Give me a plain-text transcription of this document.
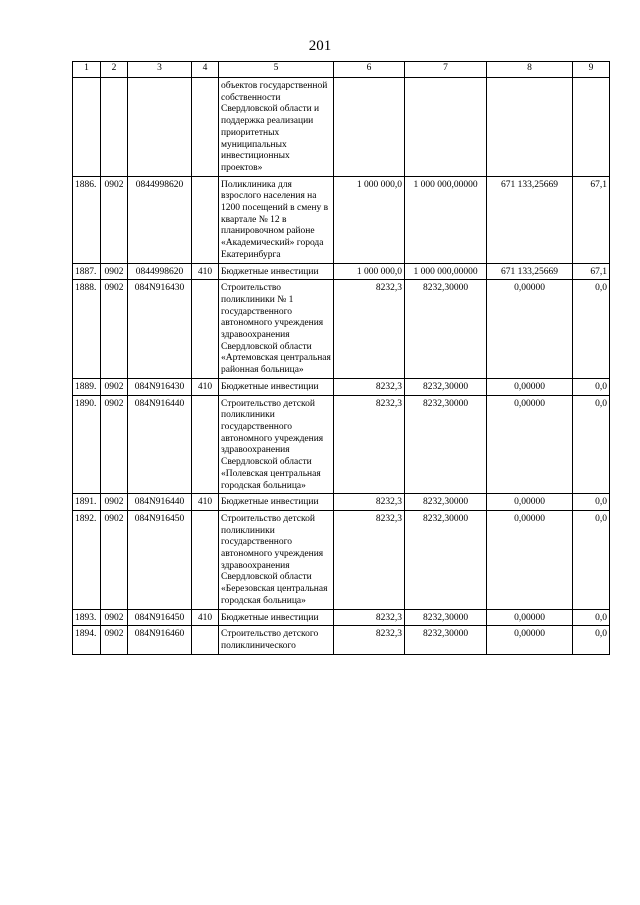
201
1	2	3	4	5	6	7	8	9
				объектов государственной собственности Свердловской области и поддержка реализации приоритетных муниципальных инвестиционных проектов»				
1886.	0902	0844998620		Поликлиника для взрослого населения на 1200 посещений в смену в квартале № 12 в планировочном районе «Академический» города Екатеринбурга	1 000 000,0	1 000 000,00000	671 133,25669	67,1
1887.	0902	0844998620	410	Бюджетные инвестиции	1 000 000,0	1 000 000,00000	671 133,25669	67,1
1888.	0902	084N916430		Строительство поликлиники № 1 государственного автономного учреждения здравоохранения Свердловской области «Артемовская центральная районная больница»	8232,3	8232,30000	0,00000	0,0
1889.	0902	084N916430	410	Бюджетные инвестиции	8232,3	8232,30000	0,00000	0,0
1890.	0902	084N916440		Строительство детской поликлиники государственного автономного учреждения здравоохранения Свердловской области «Полевская центральная городская больница»	8232,3	8232,30000	0,00000	0,0
1891.	0902	084N916440	410	Бюджетные инвестиции	8232,3	8232,30000	0,00000	0,0
1892.	0902	084N916450		Строительство детской поликлиники государственного автономного учреждения здравоохранения Свердловской области «Березовская центральная городская больница»	8232,3	8232,30000	0,00000	0,0
1893.	0902	084N916450	410	Бюджетные инвестиции	8232,3	8232,30000	0,00000	0,0
1894.	0902	084N916460		Строительство детского поликлинического	8232,3	8232,30000	0,00000	0,0
